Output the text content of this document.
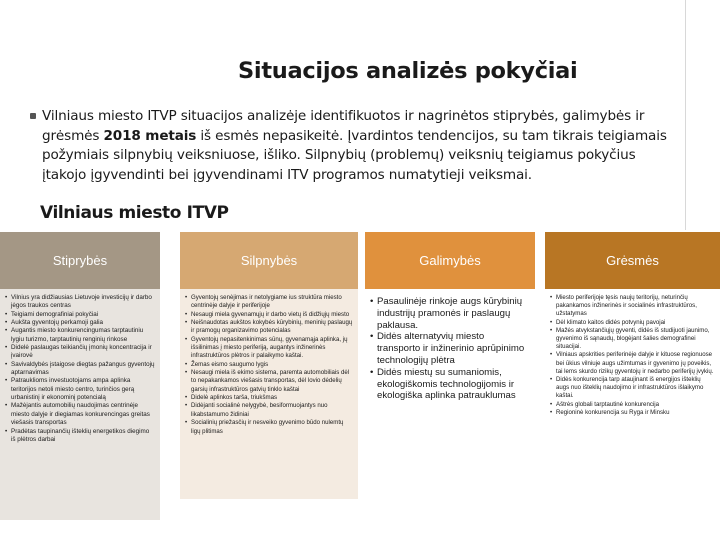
Situacijos analizės pokyčiai

Vilniaus miesto ITVP situacijos analizėje identifikuotos ir nagrinėtos stiprybės, galimybės ir grėsmės 2018 metais iš esmės nepasikeitė. Įvardintos tendencijos, su tam tikrais teigiamais požymiais silpnybių veiksniuose, išliko. Silpnybių (problemų) veiksnių teigiamus pokyčius įtakojo įgyvendinti bei įgyvendinami ITV programos numatytieji veiksmai.

Vilniaus miesto ITVP
Stiprybės
• Vilnius yra didžiausias Lietuvoje investicijų ir darbo jėgos traukos centras
• Teigiami demografiniai pokyčiai
• Aukšta gyventojų perkamoji galia
• Augantis miesto konkurencingumas tarptautiniu lygiu turizmo, tarptautinių renginių rinkose
• Didelė paslaugas teikiančių įmonių koncentracija ir įvairovė
• Savivaldybės įstaigose diegtas pažangus gyventojų aptarnavimas
• Patrauklioms investuotojams ampa aplinka teritorijos netoli miesto centro, turinčios gerą urbanistinį ir ekonominį potencialą
• Mažėjantis automobilių naudojimas centrinėje miesto dalyje ir diegiamas konkurencingas greitas viešasis transportas
• Pradėtas taupinančių išteklių energetikos diegimo iš plėtros darbai
Silpnybės
• Gyventojų senėjimas ir netolygiame ius struktūra miesto centrinėje dalyje ir periferijoje
• Nesaugi miela gyvenamųjų ir darbo vietų iš didžiųjų miesto
• Neišnaudotas aukštos kokybės kūrybinių, meninių paslaugų ir pramogų organizavimo potencialas
• Gyventojų nepasitenkinimas sūnų, gyvenamąja aplinka, jų išsilinimas į miesto periferiją, augantys inžinerinės infrastruktūros plėtros ir palaikymo kaštai.
• Žemas eismo saugumo lygis
• Nesaugi miela iš ekimo sistema, paremta automobiliais dėl to nepakankamos viešasis transportas, dėl lovio dėdelių garsių infrastruktūros gatvių tinklo kaštai
• Didelė aplinkos tarša, triukšmas
• Didėjanti socialinė nelygybė, besiformuojantys nuo likabstamumo židiniai
• Socialinių priežasčių ir nesveiko gyvenimo būdo nulemtų ligų plitimas
Galimybės
• Pasaulinėje rinkoje augs kūrybinių industrijų pramonės ir paslaugų paklausa.
• Didės alternatyvių miesto transporto ir inžinerinio aprūpinimo technologijų plėtra
• Didės miestų su sumaniomis, ekologiškomis technologijomis ir ekologiška aplinka patrauklumas
Grėsmės
• Miesto periferijoje tęsis naujų teritorijų, neturinčių pakankamos inžinerinės ir socialinės infrastruktūros, užstatymas
• Dėl klimato kaitos didės potvynių pavojai
• Mažės atvykstančiųjų gyventi, didės iš studijuoti jaunimo, gyvenimo iš sąnaudų, blogėjant šalies demografinei situacijai.
• Vilniaus apskrities periferinėje dalyje ir kituose regionuose bei ūkius vilniuje augs užimtumas ir gyvenimo jų poveikis, tai lems skurdo rizikų gyventojų ir nedarbo periferijų įvykių.
• Didės konkurencija tarp ataujinant iš energijos išteklių augs nuo išteklių naudojimo ir infrastruktūros išlaikymo kaštai.
• Aštrės globali tarptautinė konkurencija
• Regioninė konkurencija su Ryga ir Minsku
